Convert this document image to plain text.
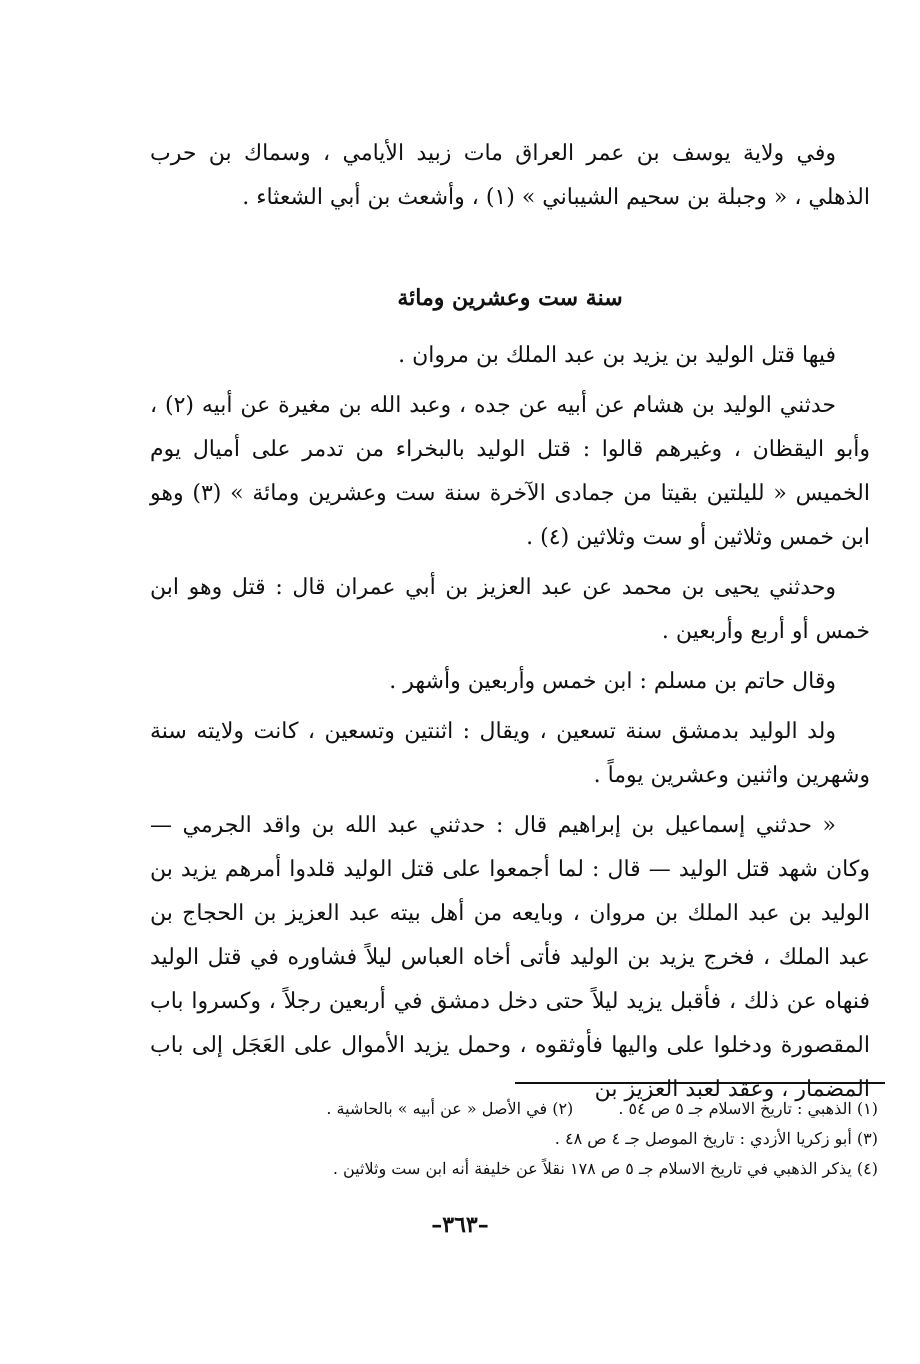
وفي ولاية يوسف بن عمر العراق مات زبيد الأيامي ، وسماك بن حرب الذهلي ، « وجبلة بن سحيم الشيباني » (١) ، وأشعث بن أبي الشعثاء .

سنة ست وعشرين ومائة

فيها قتل الوليد بن يزيد بن عبد الملك بن مروان .

حدثني الوليد بن هشام عن أبيه عن جده ، وعبد الله بن مغيرة عن أبيه (٢) ، وأبو اليقظان ، وغيرهم قالوا : قتل الوليد بالبخراء من تدمر على أميال يوم الخميس « لليلتين بقيتا من جمادى الآخرة سنة ست وعشرين ومائة » (٣) وهو ابن خمس وثلاثين أو ست وثلاثين (٤) .

وحدثني يحيى بن محمد عن عبد العزيز بن أبي عمران قال : قتل وهو ابن خمس أو أربع وأربعين .

وقال حاتم بن مسلم : ابن خمس وأربعين وأشهر .

ولد الوليد بدمشق سنة تسعين ، ويقال : اثنتين وتسعين ، كانت ولايته سنة وشهرين واثنين وعشرين يوماً .

« حدثني إسماعيل بن إبراهيم قال : حدثني عبد الله بن واقد الجرمي — وكان شهد قتل الوليد — قال : لما أجمعوا على قتل الوليد قلدوا أمرهم يزيد بن الوليد بن عبد الملك بن مروان ، وبايعه من أهل بيته عبد العزيز بن الحجاج بن عبد الملك ، فخرج يزيد بن الوليد فأتى أخاه العباس ليلاً فشاوره في قتل الوليد فنهاه عن ذلك ، فأقبل يزيد ليلاً حتى دخل دمشق في أربعين رجلاً ، وكسروا باب المقصورة ودخلوا على واليها فأوثقوه ، وحمل يزيد الأموال على العَجَل إلى باب المضمار ، وعقد لعبد العزيز بن

(١) الذهبي : تاريخ الاسلام جـ ٥ ص ٥٤ . (٢) في الأصل « عن أبيه » بالحاشية .
(٣) أبو زكريا الأزدي : تاريخ الموصل جـ ٤ ص ٤٨ .
(٤) يذكر الذهبي في تاريخ الاسلام جـ ٥ ص ١٧٨ نقلاً عن خليفة أنه ابن ست وثلاثين .
–٣٦٣–
